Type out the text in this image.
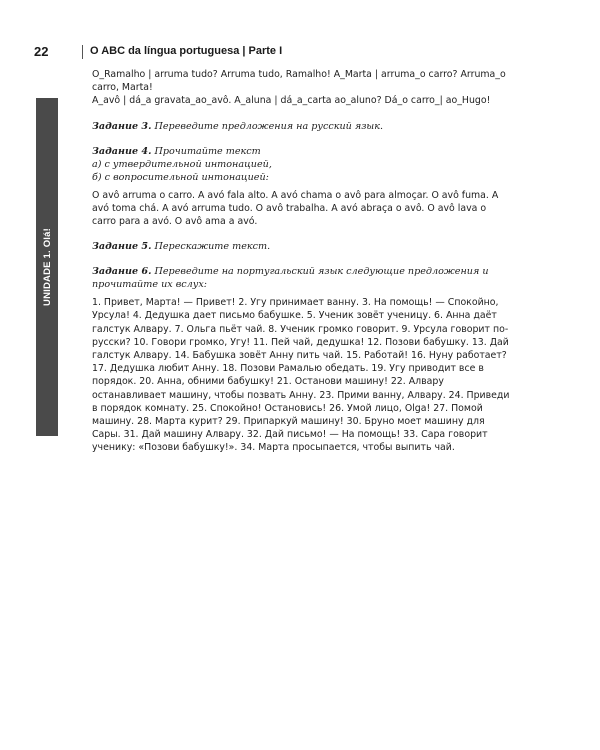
22	O ABC da língua portuguesa | Parte I
UNIDADE 1. Olá!

O_Ramalho | arruma tudo? Arruma tudo, Ramalho! A_Marta | arruma_o carro? Arruma_o carro, Marta!

A_avô | dá_a gravata_ao_avô. A_aluna | dá_a_carta ao_aluno? Dá_o carro_| ao_Hugo!

Задание 3. Переведите предложения на русский язык.

Задание 4. Прочитайте текст

а) с утвердительной интонацией,

б) с вопросительной интонацией:

O avô arruma o carro. A avó fala alto. A avó chama o avô para almoçar. O avô fuma. A avó toma chá. A avó arruma tudo. O avô trabalha. A avó abraça o avô. O avô lava o carro para a avó. O avô ama a avó.

Задание 5. Перескажите текст.

Задание 6. Переведите на португальский язык следующие предложения и прочитайте их вслух:

1. Привет, Марта! — Привет! 2. Угу принимает ванну. 3. На помощь! — Спокойно, Урсула! 4. Дедушка дает письмо бабушке. 5. Ученик зовёт ученицу. 6. Анна даёт галстук Алвару. 7. Ольга пьёт чай. 8. Ученик громко говорит. 9. Урсула говорит по-русски? 10. Говори громко, Угу! 11. Пей чай, дедушка! 12. Позови бабушку. 13. Дай галстук Алвару. 14. Бабушка зовёт Анну пить чай. 15. Работай! 16. Нуну работает? 17. Дедушка любит Анну. 18. Позови Рамалью обедать. 19. Угу приводит все в порядок. 20. Анна, обними бабушку! 21. Останови машину! 22. Алвару останавливает машину, чтобы позвать Анну. 23. Прими ванну, Алвару. 24. Приведи в порядок комнату. 25. Спокойно! Остановись! 26. Умой лицо, Olga! 27. Помой машину. 28. Марта курит? 29. Припаркуй машину! 30. Бруно моет машину для Сары. 31. Дай машину Алвару. 32. Дай письмо! — На помощь! 33. Сара говорит ученику: «Позови бабушку!». 34. Марта просыпается, чтобы выпить чай.
